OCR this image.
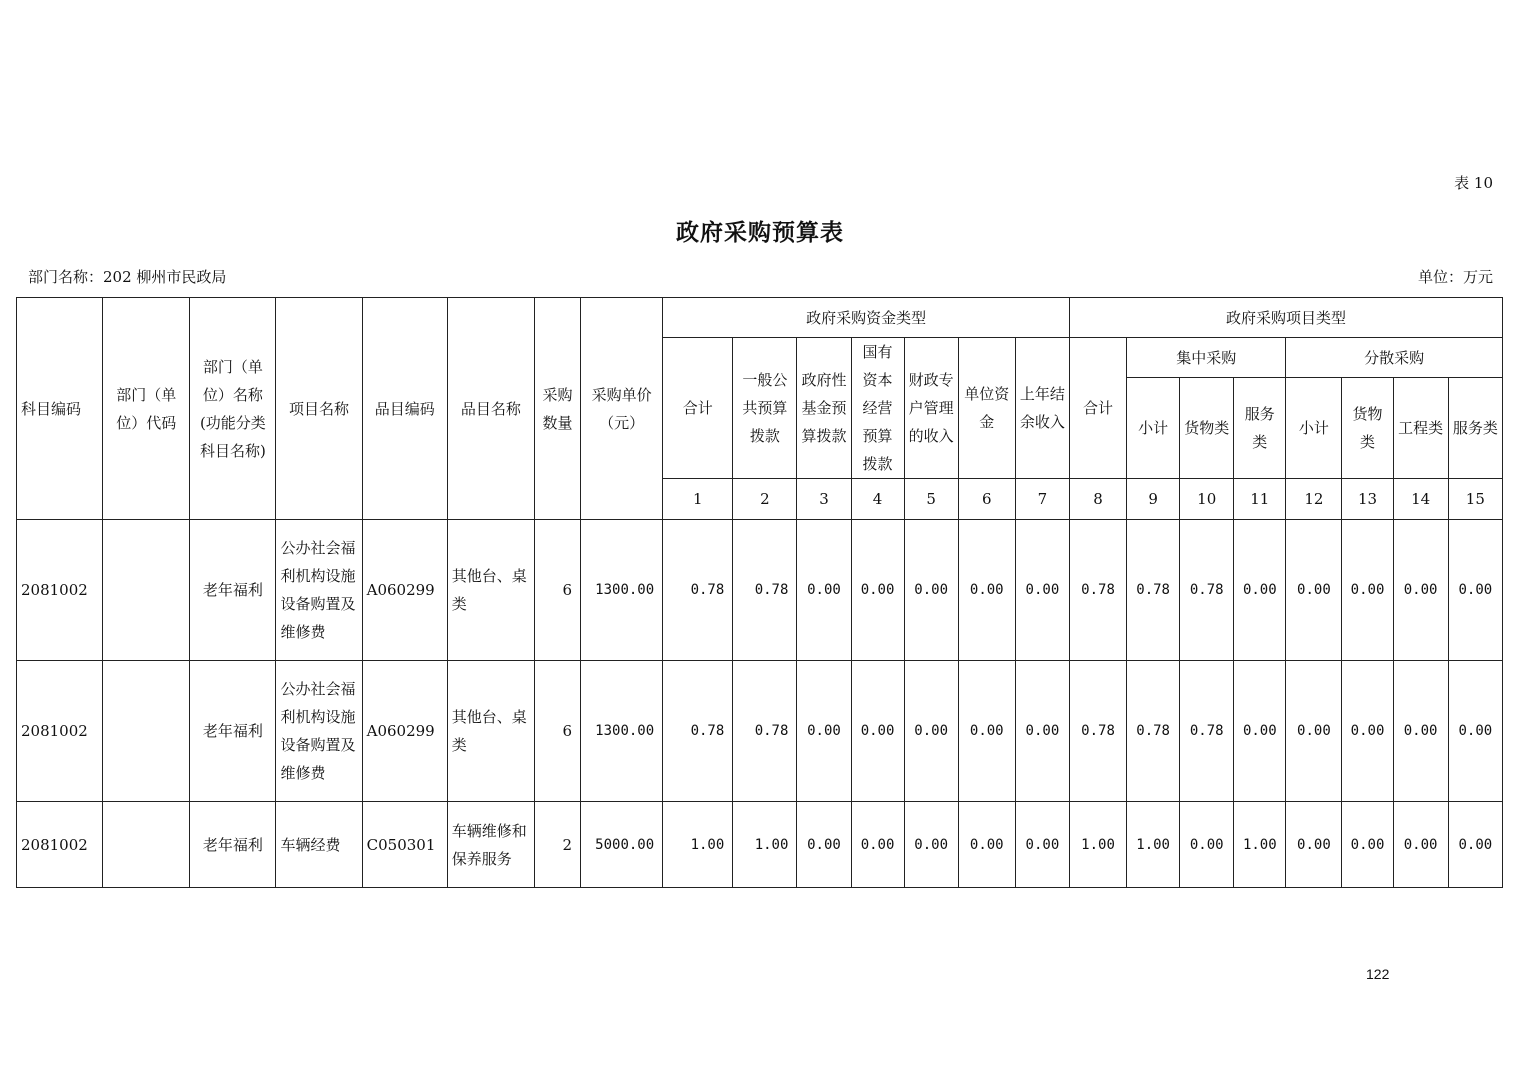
表 10
政府采购预算表
部门名称：202 柳州市民政局	单位：万元
科目编码	部门（单位）代码	部门（单位）名称(功能分类科目名称)	项目名称	品目编码	品目名称	采购数量	采购单价（元）	政府采购资金类型							政府采购项目类型							
								合计	一般公共预算拨款	政府性基金预算拨款	国有资本经营预算拨款	财政专户管理的收入	单位资金	上年结余收入	合计	集中采购			分散采购			
																小计	货物类	服务类	小计	货物类	工程类	服务类
								1	2	3	4	5	6	7	8	9	10	11	12	13	14	15
2081002		老年福利	公办社会福利机构设施设备购置及维修费	A060299	其他台、桌类	6	1300.00	0.78	0.78	0.00	0.00	0.00	0.00	0.00	0.78	0.78	0.78	0.00	0.00	0.00	0.00	0.00
2081002		老年福利	公办社会福利机构设施设备购置及维修费	A060299	其他台、桌类	6	1300.00	0.78	0.78	0.00	0.00	0.00	0.00	0.00	0.78	0.78	0.78	0.00	0.00	0.00	0.00	0.00
2081002		老年福利	车辆经费	C050301	车辆维修和保养服务	2	5000.00	1.00	1.00	0.00	0.00	0.00	0.00	0.00	1.00	1.00	0.00	1.00	0.00	0.00	0.00	0.00
122
